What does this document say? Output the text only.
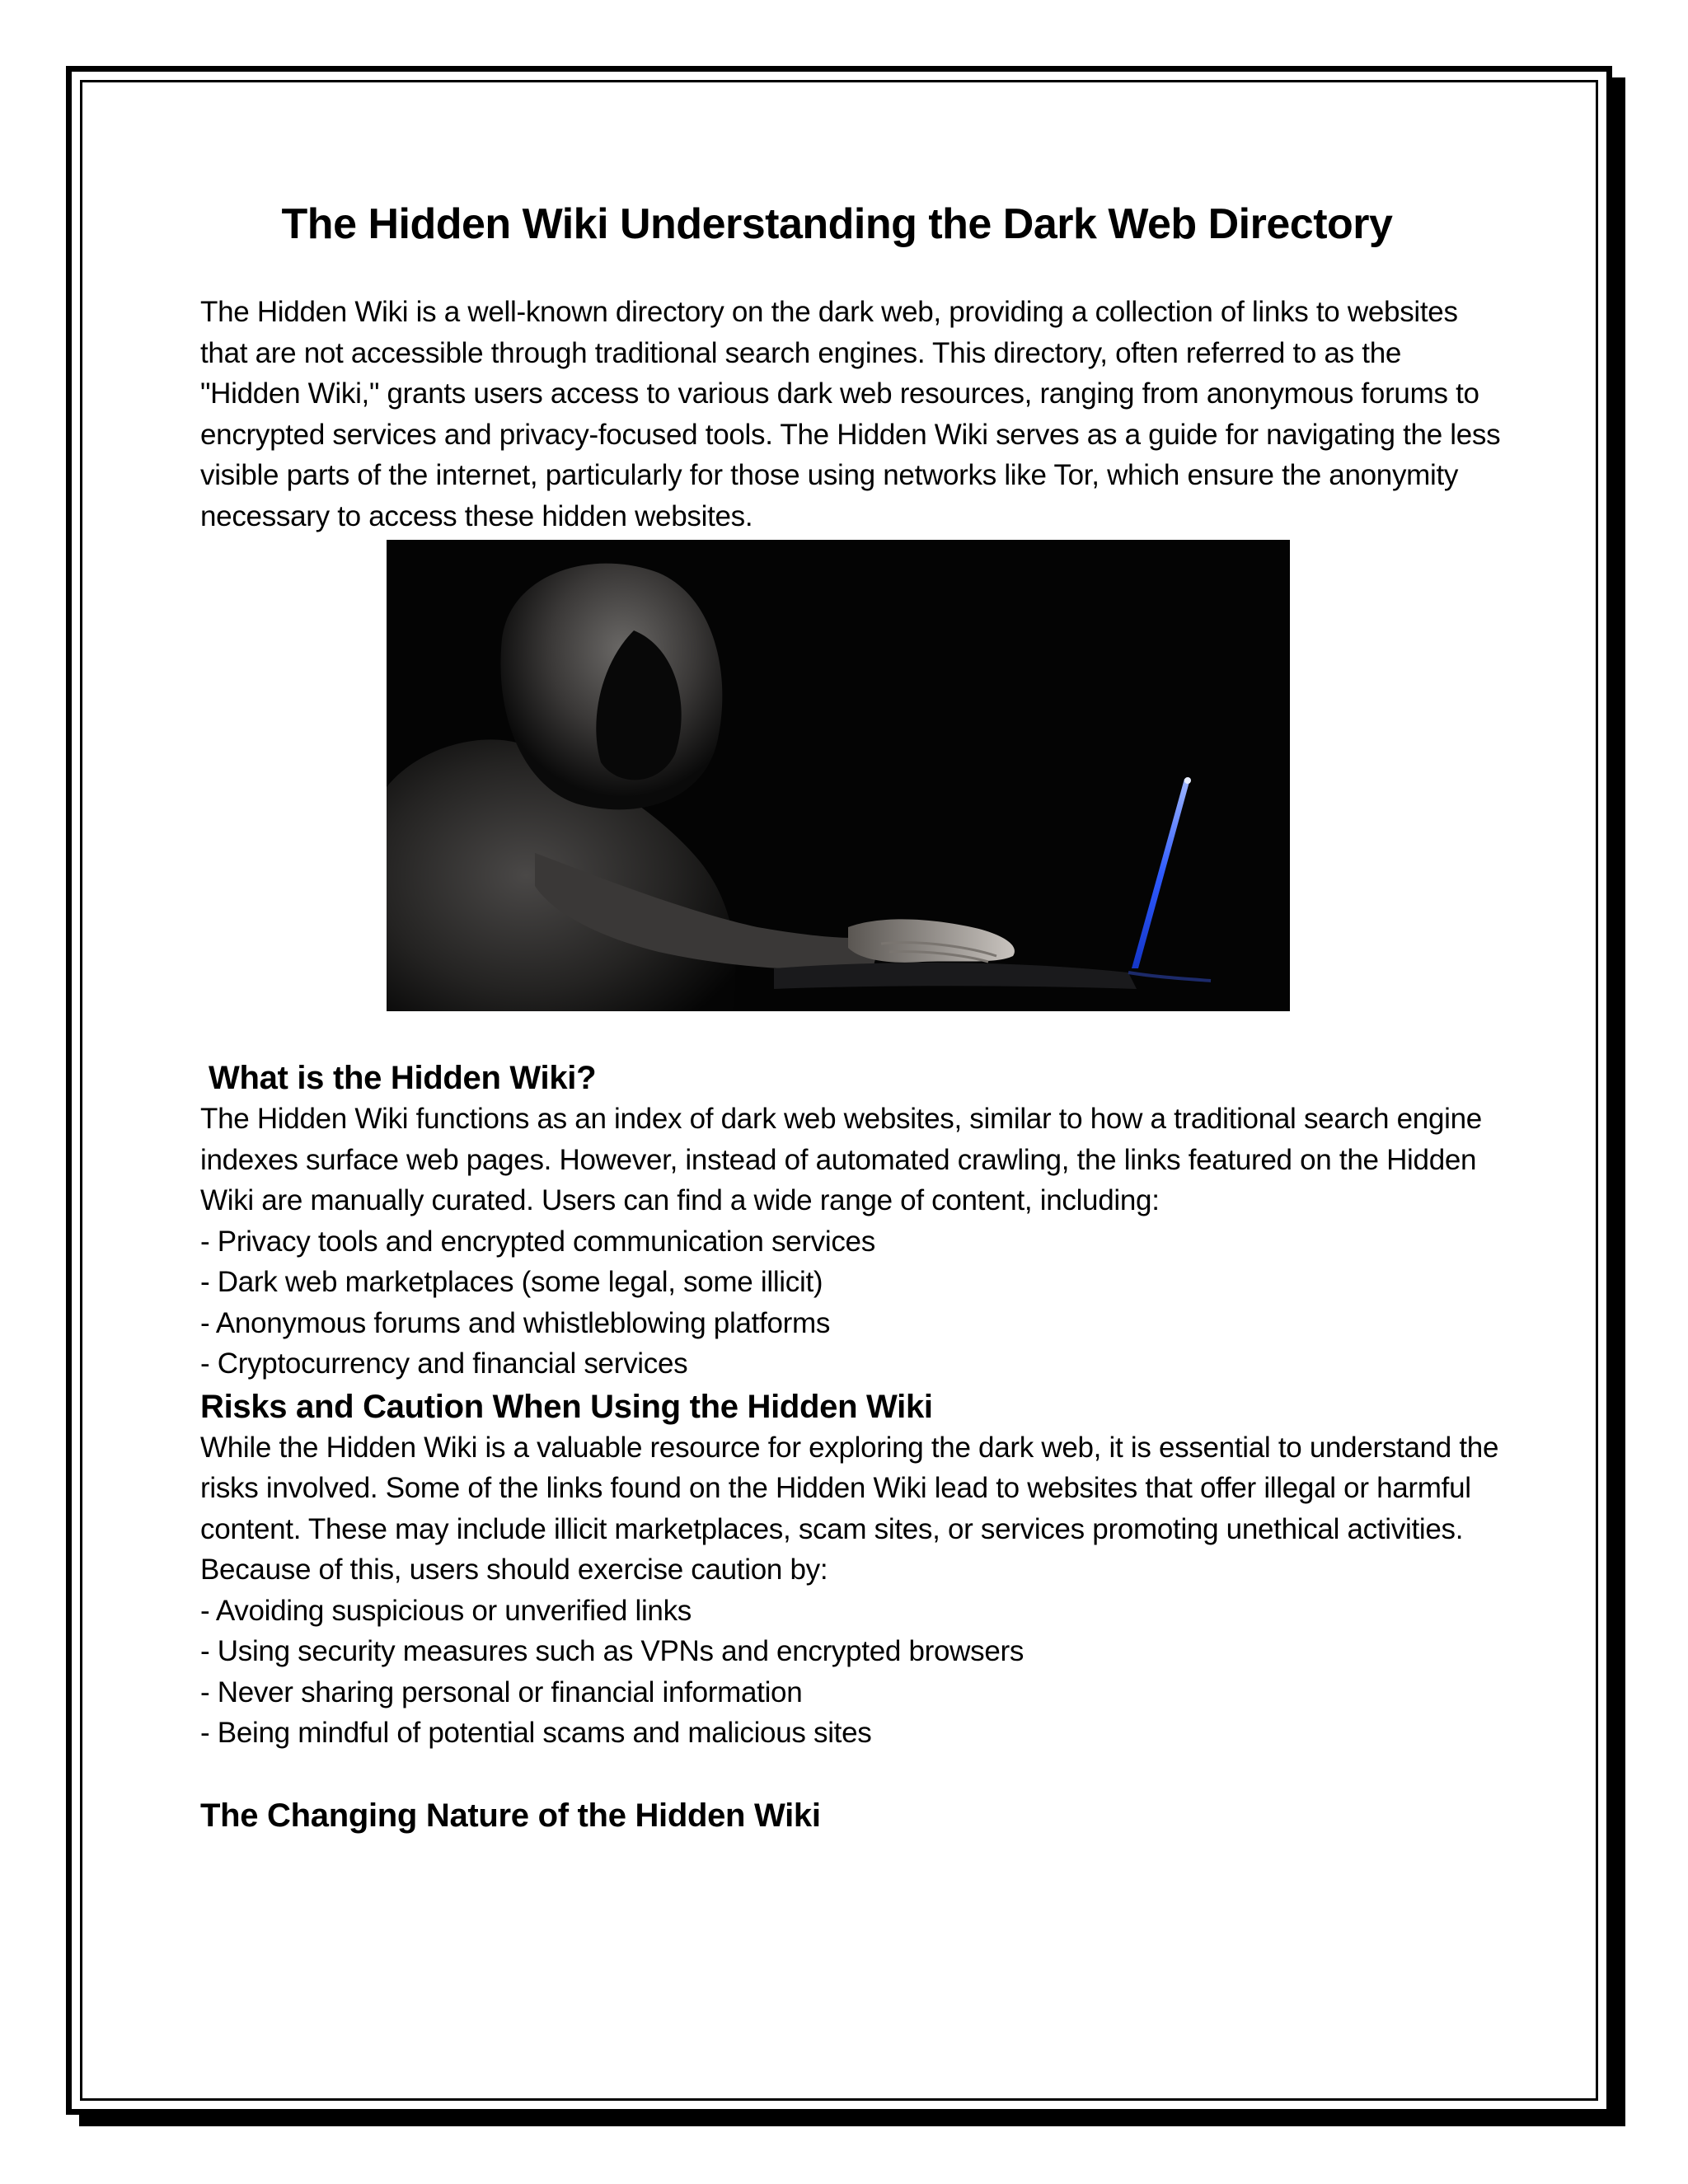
The Hidden Wiki Understanding the Dark Web Directory

The Hidden Wiki is a well-known directory on the dark web, providing a collection of links to websites that are not accessible through traditional search engines. This directory, often referred to as the "Hidden Wiki," grants users access to various dark web resources, ranging from anonymous forums to encrypted services and privacy-focused tools. The Hidden Wiki serves as a guide for navigating the less visible parts of the internet, particularly for those using networks like Tor, which ensure the anonymity necessary to access these hidden websites.

What is the Hidden Wiki?

The Hidden Wiki functions as an index of dark web websites, similar to how a traditional search engine indexes surface web pages. However, instead of automated crawling, the links featured on the Hidden Wiki are manually curated. Users can find a wide range of content, including:

- Privacy tools and encrypted communication services
- Dark web marketplaces (some legal, some illicit)
- Anonymous forums and whistleblowing platforms
- Cryptocurrency and financial services
Risks and Caution When Using the Hidden Wiki

While the Hidden Wiki is a valuable resource for exploring the dark web, it is essential to understand the risks involved. Some of the links found on the Hidden Wiki lead to websites that offer illegal or harmful content. These may include illicit marketplaces, scam sites, or services promoting unethical activities. Because of this, users should exercise caution by:

- Avoiding suspicious or unverified links
- Using security measures such as VPNs and encrypted browsers
- Never sharing personal or financial information
- Being mindful of potential scams and malicious sites
The Changing Nature of the Hidden Wiki
